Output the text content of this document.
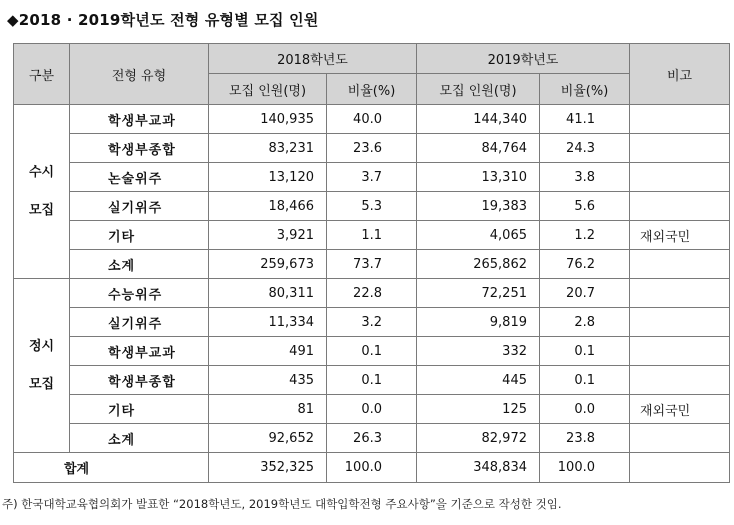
◆2018 · 2019학년도 전형 유형별 모집 인원
구분	전형 유형	2018학년도		2019학년도		비고
		모집 인원(명)	비율(%)	모집 인원(명)	비율(%)	

수시
모집	학생부교과	140,935	40.0	144,340	41.1	
	학생부종합	83,231	23.6	84,764	24.3	
	논술위주	13,120	3.7	13,310	3.8	
	실기위주	18,466	5.3	19,383	5.6	
	기타	3,921	1.1	4,065	1.2	재외국민
	소계	259,673	73.7	265,862	76.2	

정시
모집	수능위주	80,311	22.8	72,251	20.7	
	실기위주	11,334	3.2	9,819	2.8	
	학생부교과	491	0.1	332	0.1	
	학생부종합	435	0.1	445	0.1	
	기타	81	0.0	125	0.0	재외국민
	소계	92,652	26.3	82,972	23.8	
합계		352,325	100.0	348,834	100.0	
주) 한국대학교육협의회가 발표한 “2018학년도, 2019학년도 대학입학전형 주요사항”을 기준으로 작성한 것임.
